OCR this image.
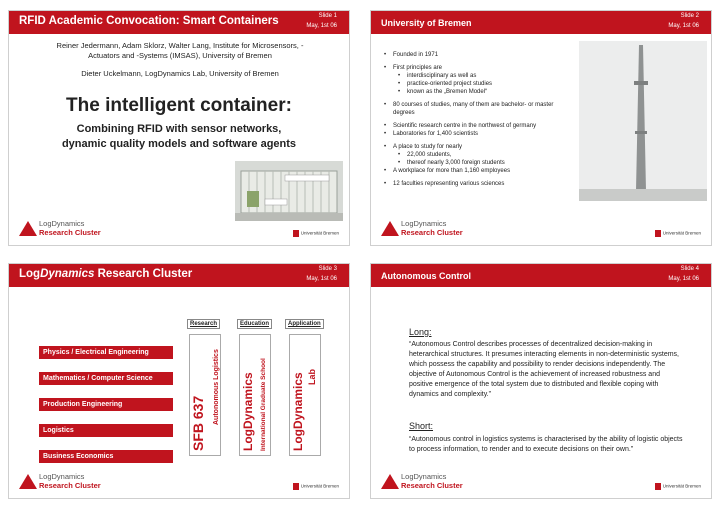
RFID Academic Convocation: Smart Containers	Slide 1
May, 1st 06
Reiner Jedermann, Adam Sklorz, Walter Lang, Institute for Microsensors, -
Actuators and -Systems (IMSAS), University of Bremen
Dieter Uckelmann, LogDynamics Lab, University of Bremen
The intelligent container:
Combining RFID with sensor networks,
dynamic quality models and software agents
LogDynamics
Research Cluster	Universität Bremen
University of Bremen
Slide 2
May, 1st 06
• Founded in 1971
• First principles are
• interdisciplinary as well as
• practice-oriented project studies
• known as the „Bremen Model“
• 80 courses of studies, many of them are bachelor- or master degrees
• Scientific research centre in the northwest of germany
• Laboratories for 1,400 scientists
• A place to study for nearly
• 22,000 students,
• thereof nearly 3,000 foreign students
• A workplace for more than 1,160 employees
• 12 faculties representing various sciences
LogDynamics
Research Cluster	Universität Bremen
LogDynamics Research Cluster	Slide 3
May, 1st 06
Research	Education	Application
Physics / Electrical Engineering
Mathematics / Computer Science
Production Engineering
Logistics
Business Economics
SFB 637 Autonomous Logistics LogDynamics International Graduate School LogDynamics Lab
LogDynamics
Research Cluster	Universität Bremen
Autonomous Control
Slide 4
May, 1st 06
Long:
“Autonomous Control describes processes of decentralized decision-making in heterarchical structures. It presumes interacting elements in non-deterministic systems, which possess the capability and possibility to render decisions independently. The objective of Autonomous Control is the achievement of increased robustness and positive emergence of the total system due to distributed and flexible coping with dynamics and complexity.”
Short:
“Autonomous control in logistics systems is characterised by the ability of logistic objects to process information, to render and to execute decisions on their own.”
LogDynamics
Research Cluster	Universität Bremen
